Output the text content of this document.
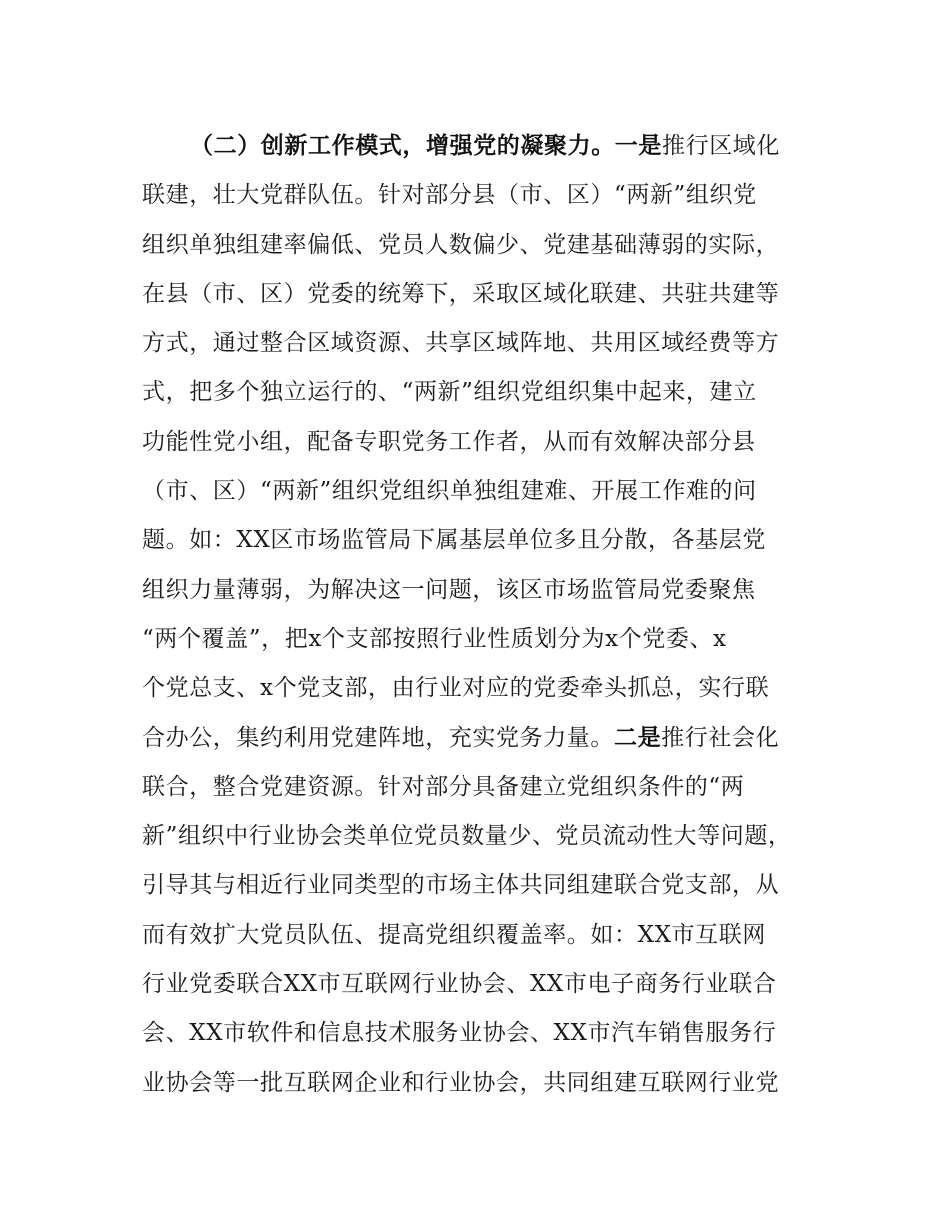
（二）创新工作模式，增强党的凝聚力。一是推行区域化
联建，壮大党群队伍。针对部分县（市、区）“两新”组织党
组织单独组建率偏低、党员人数偏少、党建基础薄弱的实际，
在县（市、区）党委的统筹下，采取区域化联建、共驻共建等
方式，通过整合区域资源、共享区域阵地、共用区域经费等方
式，把多个独立运行的、“两新”组织党组织集中起来，建立
功能性党小组，配备专职党务工作者，从而有效解决部分县
（市、区）“两新”组织党组织单独组建难、开展工作难的问
题。如：XX区市场监管局下属基层单位多且分散，各基层党
组织力量薄弱，为解决这一问题，该区市场监管局党委聚焦
“两个覆盖”，把x个支部按照行业性质划分为x个党委、x
个党总支、x个党支部，由行业对应的党委牵头抓总，实行联
合办公，集约利用党建阵地，充实党务力量。二是推行社会化
联合，整合党建资源。针对部分具备建立党组织条件的“两
新”组织中行业协会类单位党员数量少、党员流动性大等问题，
引导其与相近行业同类型的市场主体共同组建联合党支部，从
而有效扩大党员队伍、提高党组织覆盖率。如：XX市互联网
行业党委联合XX市互联网行业协会、XX市电子商务行业联合
会、XX市软件和信息技术服务业协会、XX市汽车销售服务行
业协会等一批互联网企业和行业协会，共同组建互联网行业党
